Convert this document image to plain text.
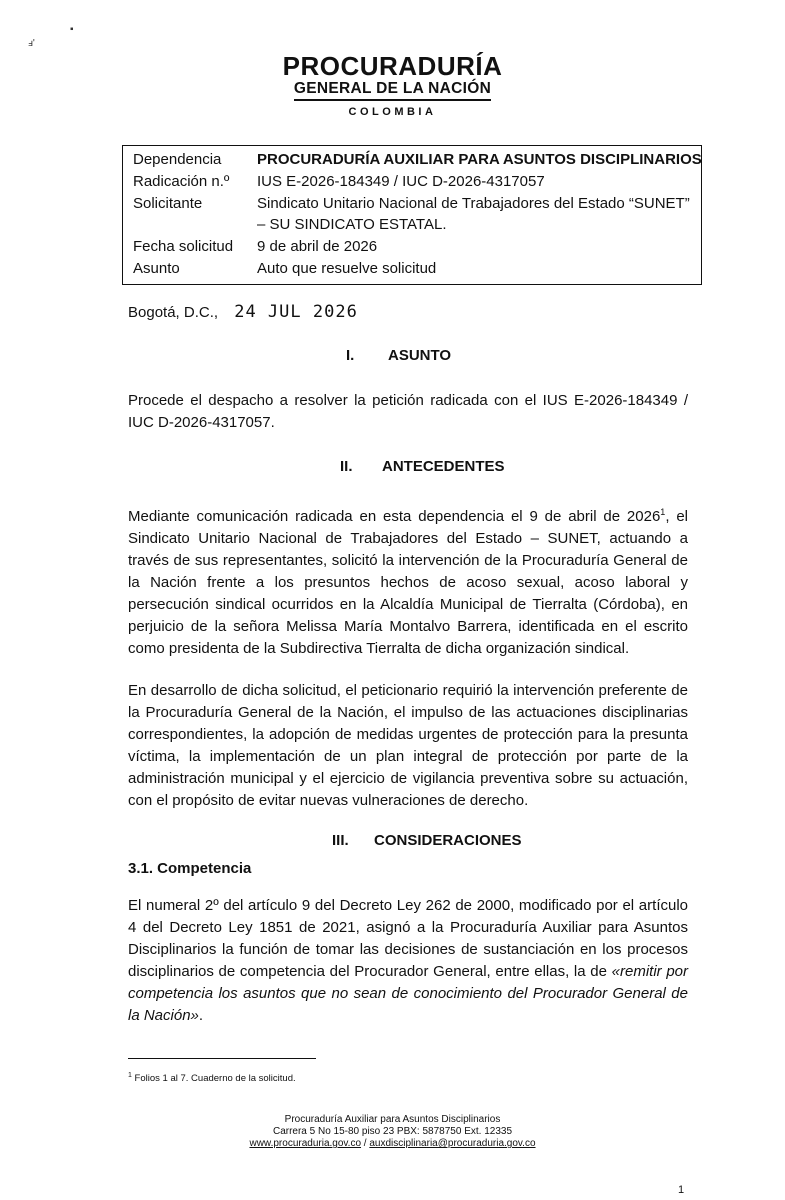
ⅎ'
▪
PROCURADURÍA
GENERAL DE LA NACIÓN
COLOMBIA
Dependencia	PROCURADURÍA AUXILIAR PARA ASUNTOS DISCIPLINARIOS
Radicación n.º	IUS E-2026-184349 / IUC D-2026-4317057
Solicitante	Sindicato Unitario Nacional de Trabajadores del Estado “SUNET” – SU SINDICATO ESTATAL.
Fecha solicitud	9 de abril de 2026
Asunto	Auto que resuelve solicitud
Bogotá, D.C., 24 JUL 2026
I. ASUNTO
Procede el despacho a resolver la petición radicada con el IUS E-2026-184349 / IUC D-2026-4317057.
II. ANTECEDENTES
Mediante comunicación radicada en esta dependencia el 9 de abril de 2026$^1$, el Sindicato Unitario Nacional de Trabajadores del Estado – SUNET, actuando a través de sus representantes, solicitó la intervención de la Procuraduría General de la Nación frente a los presuntos hechos de acoso sexual, acoso laboral y persecución sindical ocurridos en la Alcaldía Municipal de Tierralta (Córdoba), en perjuicio de la señora Melissa María Montalvo Barrera, identificada en el escrito como presidenta de la Subdirectiva Tierralta de dicha organización sindical.
En desarrollo de dicha solicitud, el peticionario requirió la intervención preferente de la Procuraduría General de la Nación, el impulso de las actuaciones disciplinarias correspondientes, la adopción de medidas urgentes de protección para la presunta víctima, la implementación de un plan integral de protección por parte de la administración municipal y el ejercicio de vigilancia preventiva sobre su actuación, con el propósito de evitar nuevas vulneraciones de derecho.
III. CONSIDERACIONES
3.1. Competencia
El numeral 2º del artículo 9 del Decreto Ley 262 de 2000, modificado por el artículo 4 del Decreto Ley 1851 de 2021, asignó a la Procuraduría Auxiliar para Asuntos Disciplinarios la función de tomar las decisiones de sustanciación en los procesos disciplinarios de competencia del Procurador General, entre ellas, la de «remitir por competencia los asuntos que no sean de conocimiento del Procurador General de la Nación».
$^1$ Folios 1 al 7. Cuaderno de la solicitud.
Procuraduría Auxiliar para Asuntos Disciplinarios
Carrera 5 No 15-80 piso 23 PBX: 5878750 Ext. 12335
www.procuraduria.gov.co / auxdisciplinaria@procuraduria.gov.co
1
